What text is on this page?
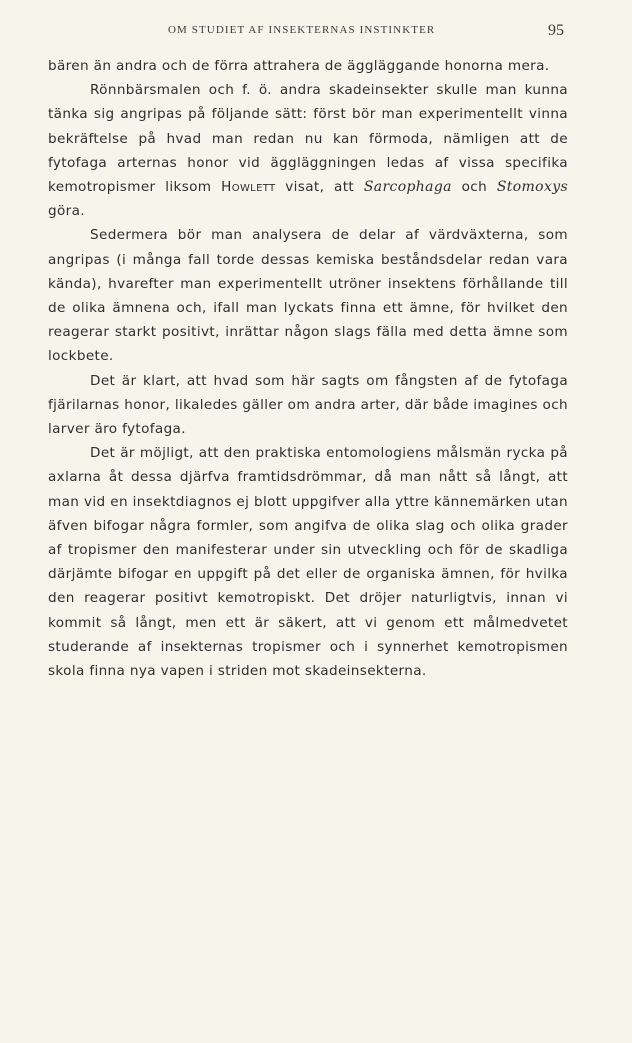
OM STUDIET AF INSEKTERNAS INSTINKTER	95

bären än andra och de förra attrahera de äggläggande honorna mera.

Rönnbärsmalen och f. ö. andra skadeinsekter skulle man kunna tänka sig angripas på följande sätt: först bör man experimentellt vinna bekräftelse på hvad man redan nu kan förmoda, nämligen att de fytofaga arternas honor vid äggläggningen ledas af vissa specifika kemotropismer liksom Howlett visat, att Sarcophaga och Stomoxys göra.

Sedermera bör man analysera de delar af värdväxterna, som angripas (i många fall torde dessas kemiska beståndsdelar redan vara kända), hvarefter man experimentellt utröner insektens förhållande till de olika ämnena och, ifall man lyckats finna ett ämne, för hvilket den reagerar starkt positivt, inrättar någon slags fälla med detta ämne som lockbete.

Det är klart, att hvad som här sagts om fångsten af de fytofaga fjärilarnas honor, likaledes gäller om andra arter, där både imagines och larver äro fytofaga.

Det är möjligt, att den praktiska entomologiens målsmän rycka på axlarna åt dessa djärfva framtidsdrömmar, då man nått så långt, att man vid en insektdiagnos ej blott uppgifver alla yttre kännemärken utan äfven bifogar några formler, som angifva de olika slag och olika grader af tropismer den manifesterar under sin utveckling och för de skadliga därjämte bifogar en uppgift på det eller de organiska ämnen, för hvilka den reagerar positivt kemotropiskt. Det dröjer naturligtvis, innan vi kommit så långt, men ett är säkert, att vi genom ett målmedvetet studerande af insekternas tropismer och i synnerhet kemotropismen skola finna nya vapen i striden mot skadeinsekterna.
